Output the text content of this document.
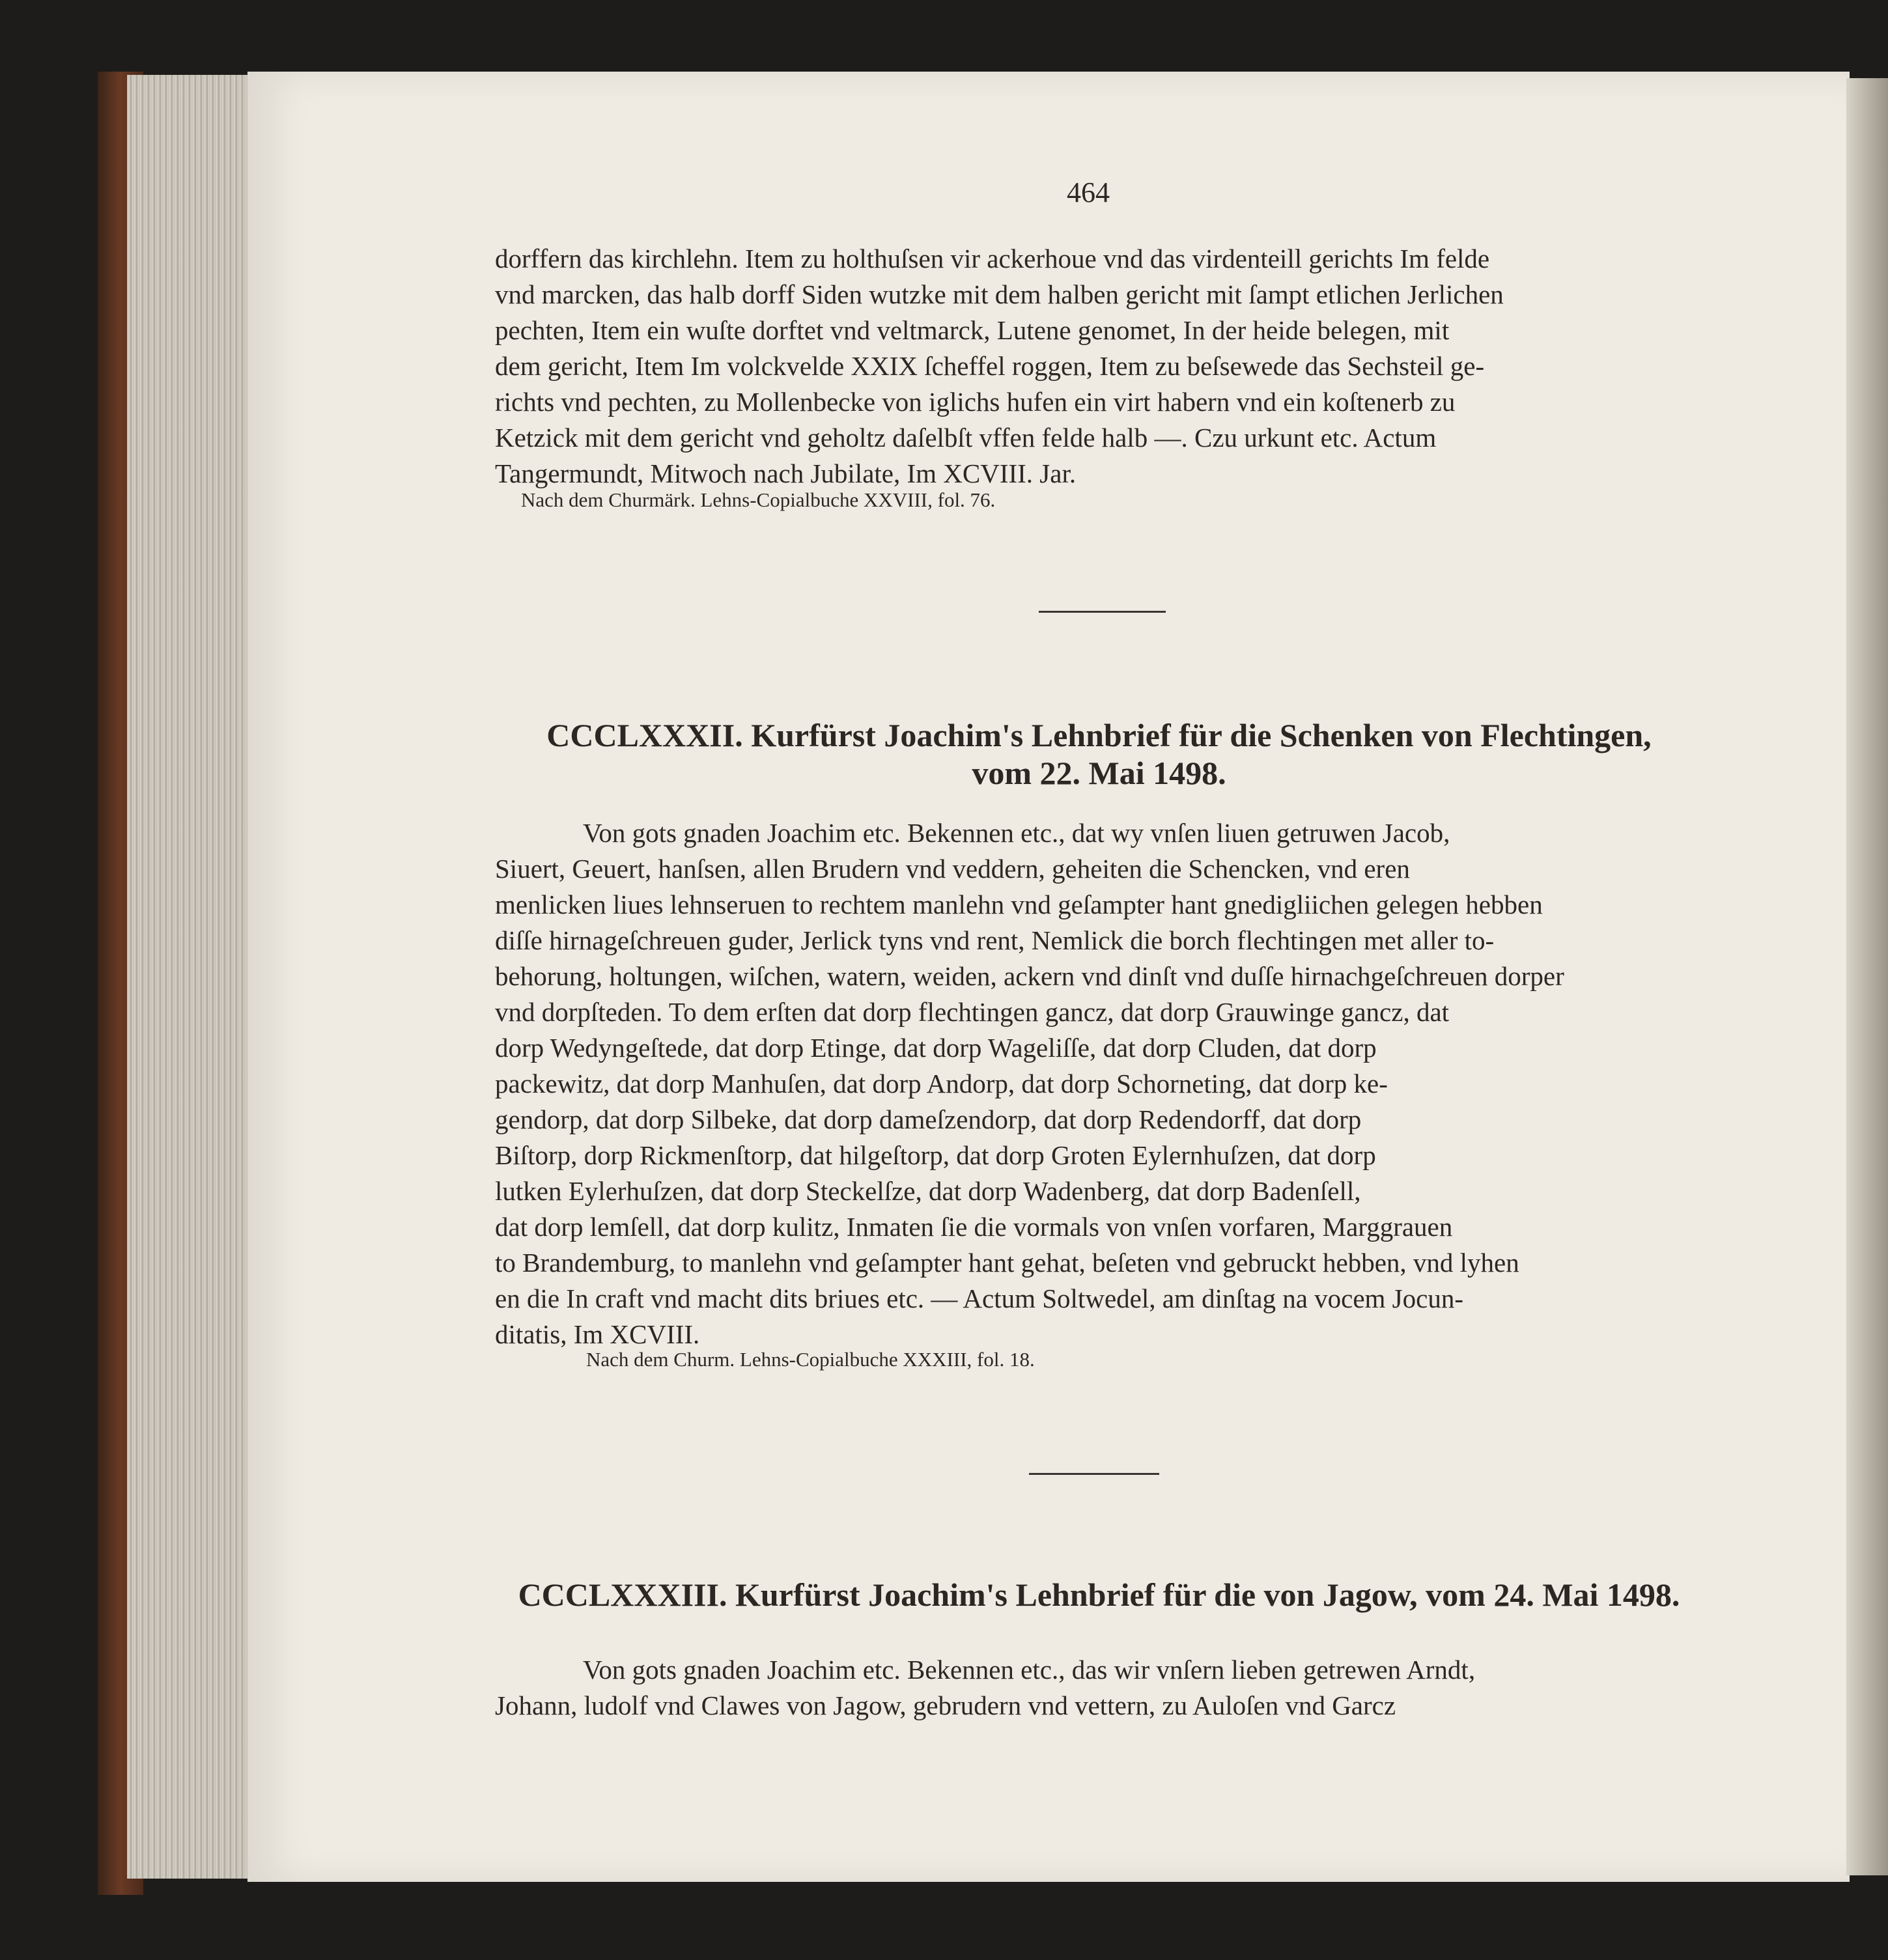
464

dorffern das kirchlehn. Item zu holthuſsen vir ackerhoue vnd das virdenteill gerichts Im felde

vnd marcken, das halb dorff Siden wutzke mit dem halben gericht mit ſampt etlichen Jerlichen

pechten, Item ein wuſte dorftet vnd veltmarck, Lutene genomet, In der heide belegen, mit

dem gericht, Item Im volckvelde XXIX ſcheffel roggen, Item zu beſsewede das Sechsteil ge-

richts vnd pechten, zu Mollenbecke von iglichs hufen ein virt habern vnd ein koſtenerb zu

Ketzick mit dem gericht vnd geholtz daſelbſt vffen felde halb —. Czu urkunt etc. Actum

Tangermundt, Mitwoch nach Jubilate, Im XCVIII. Jar.

Nach dem Churmärk. Lehns-Copialbuche XXVIII, fol. 76.
CCCLXXXII. Kurfürst Joachim's Lehnbrief für die Schenken von Flechtingen,
vom 22. Mai 1498.

Von gots gnaden Joachim etc. Bekennen etc., dat wy vnſen liuen getruwen Jacob,

Siuert, Geuert, hanſsen, allen Brudern vnd veddern, geheiten die Schencken, vnd eren

menlicken liues lehnseruen to rechtem manlehn vnd geſampter hant gnedigliichen gelegen hebben

diſſe hirnageſchreuen guder, Jerlick tyns vnd rent, Nemlick die borch flechtingen met aller to-

behorung, holtungen, wiſchen, watern, weiden, ackern vnd dinſt vnd duſſe hirnachgeſchreuen dorper

vnd dorpſteden. To dem erſten dat dorp flechtingen gancz, dat dorp Grauwinge gancz, dat

dorp Wedyngeſtede, dat dorp Etinge, dat dorp Wageliſſe, dat dorp Cluden, dat dorp

packewitz, dat dorp Manhuſen, dat dorp Andorp, dat dorp Schorneting, dat dorp ke-

gendorp, dat dorp Silbeke, dat dorp dameſzendorp, dat dorp Redendorff, dat dorp

Biſtorp, dorp Rickmenſtorp, dat hilgeſtorp, dat dorp Groten Eylernhuſzen, dat dorp

lutken Eylerhuſzen, dat dorp Steckelſze, dat dorp Wadenberg, dat dorp Badenſell,

dat dorp lemſell, dat dorp kulitz, Inmaten ſie die vormals von vnſen vorfaren, Marggrauen

to Brandemburg, to manlehn vnd geſampter hant gehat, beſeten vnd gebruckt hebben, vnd lyhen

en die In craft vnd macht dits briues etc. — Actum Soltwedel, am dinſtag na vocem Jocun-

ditatis, Im XCVIII.

Nach dem Churm. Lehns-Copialbuche XXXIII, fol. 18.
CCCLXXXIII. Kurfürst Joachim's Lehnbrief für die von Jagow, vom 24. Mai 1498.

Von gots gnaden Joachim etc. Bekennen etc., das wir vnſern lieben getrewen Arndt,

Johann, ludolf vnd Clawes von Jagow, gebrudern vnd vettern, zu Auloſen vnd Garcz
